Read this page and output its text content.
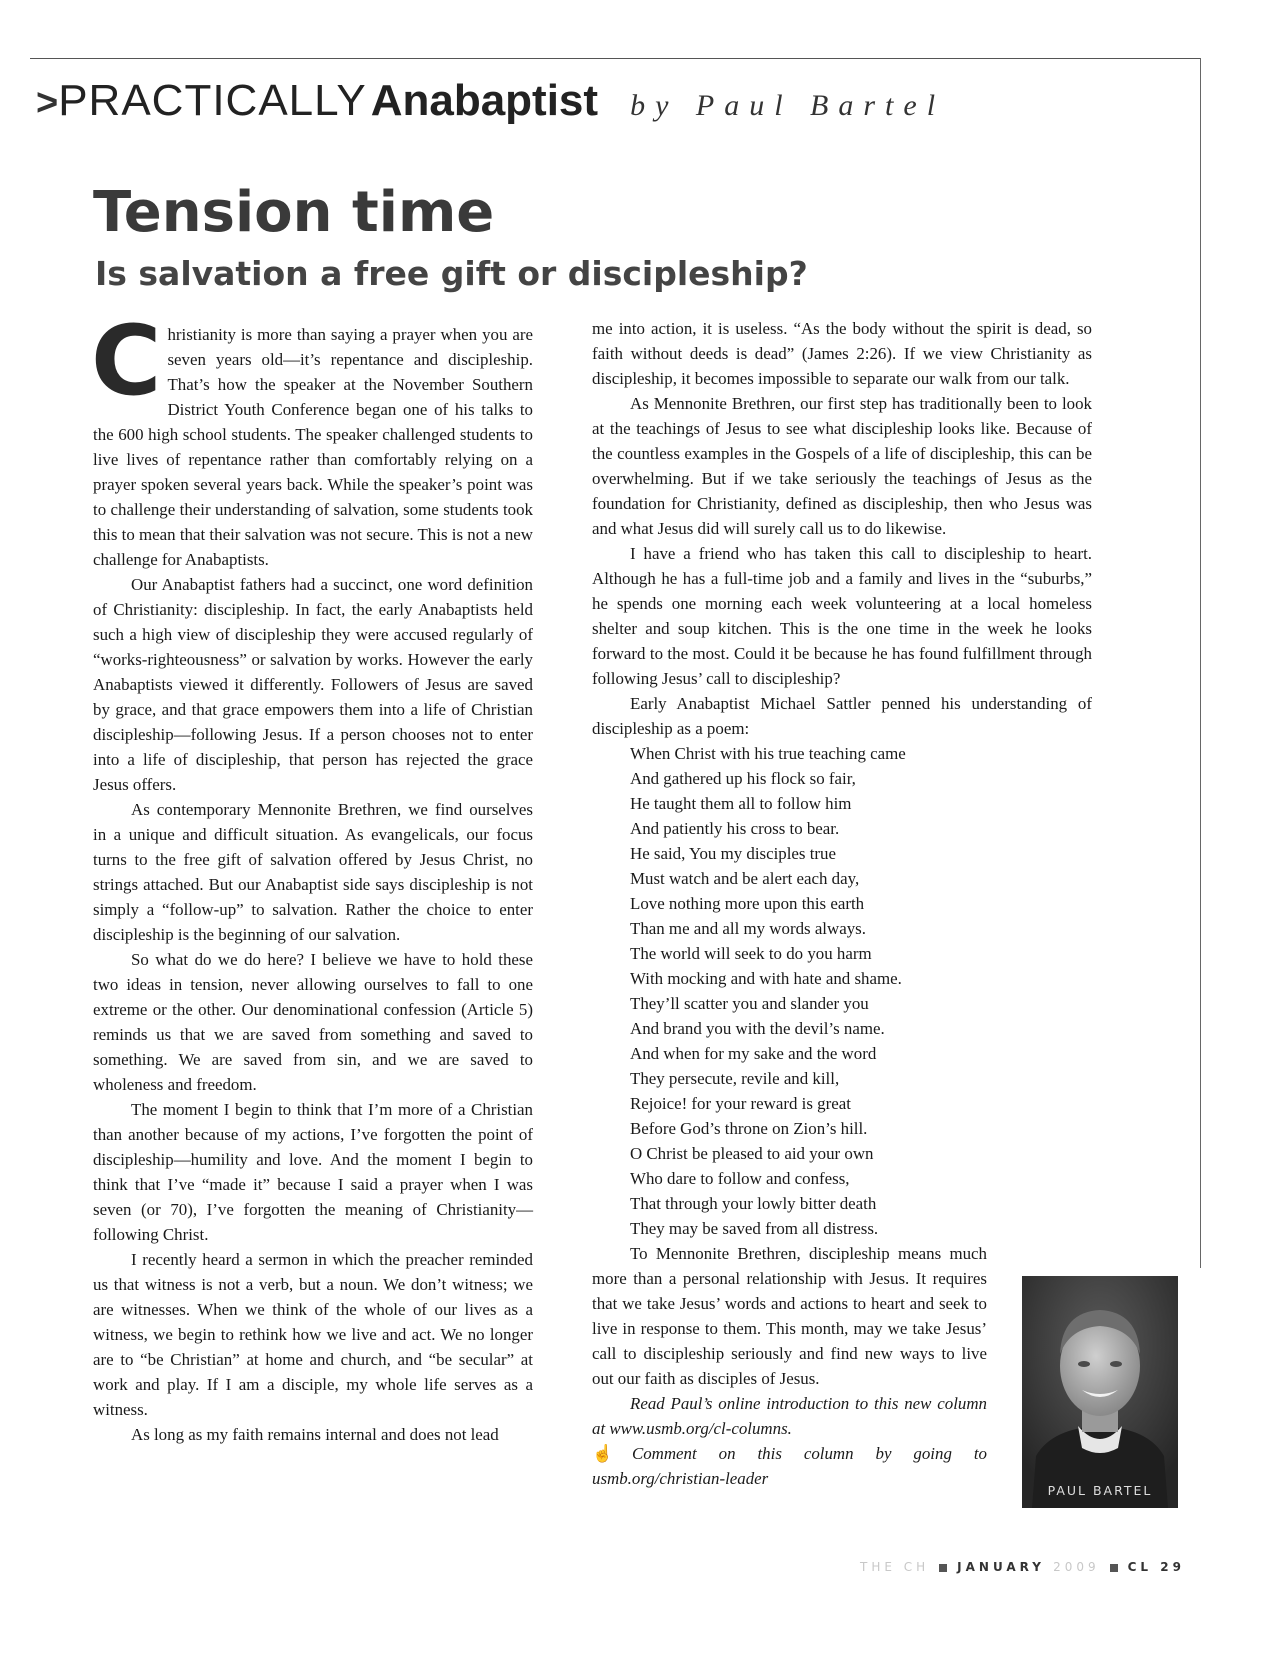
>PRACTICALLY Anabaptist by Paul Bartel
Tension time
Is salvation a free gift or discipleship?

Christianity is more than saying a prayer when you are seven years old—it’s repentance and discipleship. That’s how the speaker at the November Southern District Youth Conference began one of his talks to the 600 high school students. The speaker challenged students to live lives of repentance rather than comfortably relying on a prayer spoken several years back. While the speaker’s point was to challenge their understanding of salvation, some students took this to mean that their salvation was not secure. This is not a new challenge for Anabaptists.

Our Anabaptist fathers had a succinct, one word definition of Christianity: discipleship. In fact, the early Anabaptists held such a high view of discipleship they were accused regularly of “works-righteousness” or salvation by works. However the early Anabaptists viewed it differently. Followers of Jesus are saved by grace, and that grace empowers them into a life of Christian discipleship—following Jesus. If a person chooses not to enter into a life of discipleship, that person has rejected the grace Jesus offers.

As contemporary Mennonite Brethren, we find ourselves in a unique and difficult situation. As evangelicals, our focus turns to the free gift of salvation offered by Jesus Christ, no strings attached. But our Anabaptist side says discipleship is not simply a “follow-up” to salvation. Rather the choice to enter discipleship is the beginning of our salvation.

So what do we do here? I believe we have to hold these two ideas in tension, never allowing ourselves to fall to one extreme or the other. Our denominational confession (Article 5) reminds us that we are saved from something and saved to something. We are saved from sin, and we are saved to wholeness and freedom.

The moment I begin to think that I’m more of a Christian than another because of my actions, I’ve forgotten the point of discipleship—humility and love. And the moment I begin to think that I’ve “made it” because I said a prayer when I was seven (or 70), I’ve forgotten the meaning of Christianity—following Christ.

I recently heard a sermon in which the preacher reminded us that witness is not a verb, but a noun. We don’t witness; we are witnesses. When we think of the whole of our lives as a witness, we begin to rethink how we live and act. We no longer are to “be Christian” at home and church, and “be secular” at work and play. If I am a disciple, my whole life serves as a witness.

As long as my faith remains internal and does not lead

me into action, it is useless. “As the body without the spirit is dead, so faith without deeds is dead” (James 2:26). If we view Christianity as discipleship, it becomes impossible to separate our walk from our talk.

As Mennonite Brethren, our first step has traditionally been to look at the teachings of Jesus to see what discipleship looks like. Because of the countless examples in the Gospels of a life of discipleship, this can be overwhelming. But if we take seriously the teachings of Jesus as the foundation for Christianity, defined as discipleship, then who Jesus was and what Jesus did will surely call us to do likewise.

I have a friend who has taken this call to discipleship to heart. Although he has a full-time job and a family and lives in the “suburbs,” he spends one morning each week volunteering at a local homeless shelter and soup kitchen. This is the one time in the week he looks forward to the most. Could it be because he has found fulfillment through following Jesus’ call to discipleship?

Early Anabaptist Michael Sattler penned his understanding of discipleship as a poem:

When Christ with his true teaching came
And gathered up his flock so fair,
He taught them all to follow him
And patiently his cross to bear.
He said, You my disciples true
Must watch and be alert each day,
Love nothing more upon this earth
Than me and all my words always.
The world will seek to do you harm
With mocking and with hate and shame.
They’ll scatter you and slander you
And brand you with the devil’s name.
And when for my sake and the word
They persecute, revile and kill,
Rejoice! for your reward is great
Before God’s throne on Zion’s hill.
O Christ be pleased to aid your own
Who dare to follow and confess,
That through your lowly bitter death
They may be saved from all distress.

To Mennonite Brethren, discipleship means much more than a personal relationship with Jesus. It requires that we take Jesus’ words and actions to heart and seek to live in response to them. This month, may we take Jesus’ call to discipleship seriously and find new ways to live out our faith as disciples of Jesus.

Read Paul’s online introduction to this new column at www.usmb.org/cl-columns.

☝ Comment on this column by going to usmb.org/christian-leader

PAUL BARTEL
THE CH JANUARY 2009 CL 29
